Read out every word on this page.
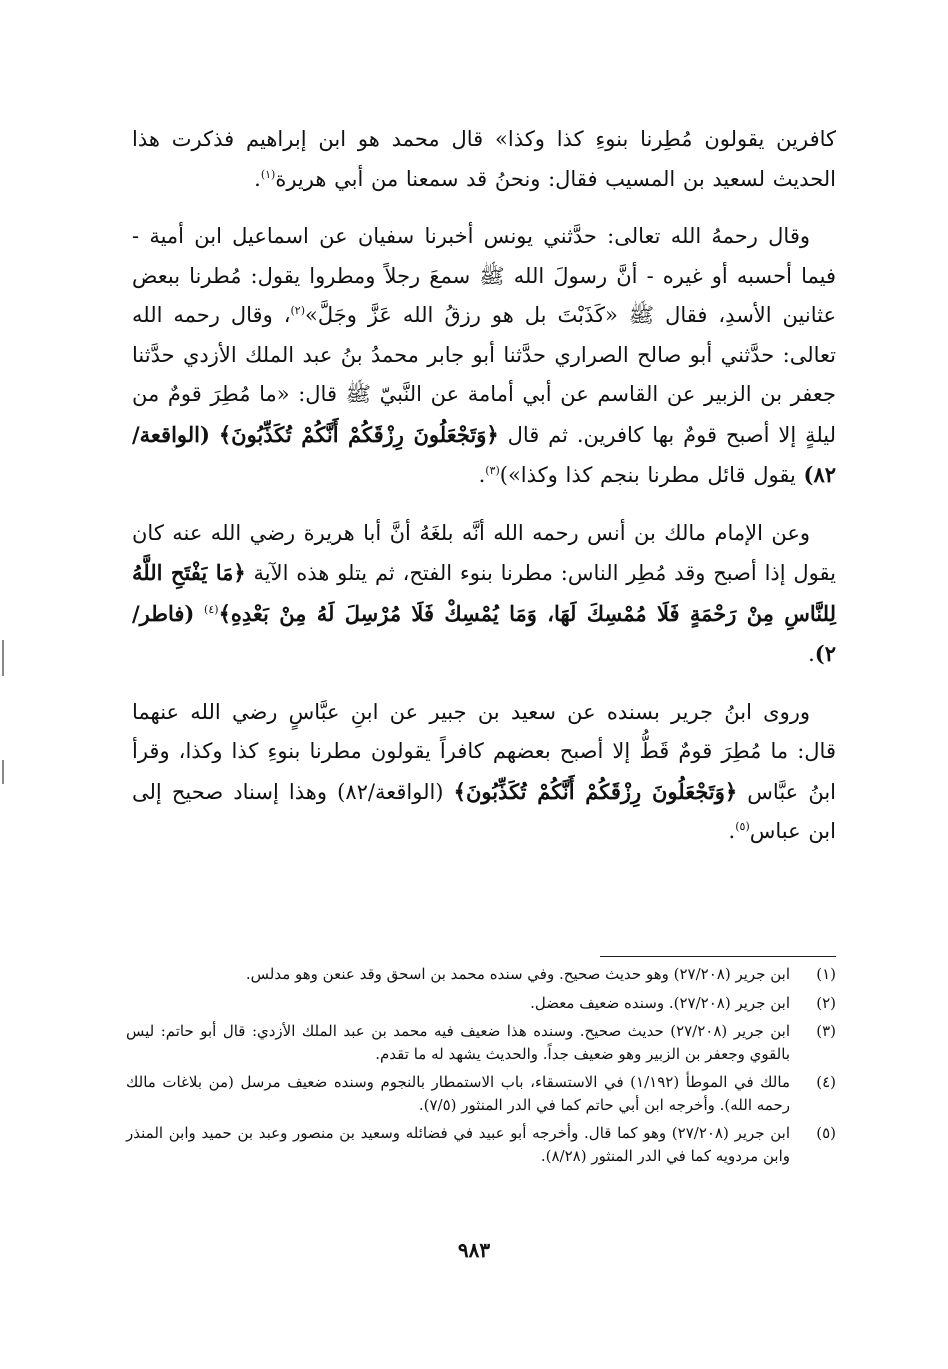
كافرين يقولون مُطِرنا بنوءِ كذا وكذا» قال محمد هو ابن إبراهيم فذكرت هذا الحديث لسعيد بن المسيب فقال: ونحنُ قد سمعنا من أبي هريرة$^{(١)}$.

وقال رحمهُ الله تعالى: حدَّثني يونس أخبرنا سفيان عن اسماعيل ابن أمية - فيما أحسبه أو غيره - أنَّ رسولَ الله ﷺ سمعَ رجلاً ومطروا يقول: مُطرنا ببعض عثانين الأسدِ، فقال ﷺ «كَذَبْتَ بل هو رزقُ الله عَزَّ وجَلَّ»$^{(٢)}$، وقال رحمه الله تعالى: حدَّثني أبو صالح الصراري حدَّثنا أبو جابر محمدُ بنُ عبد الملك الأزدي حدَّثنا جعفر بن الزبير عن القاسم عن أبي أمامة عن النَّبيّ ﷺ قال: «ما مُطِرَ قومٌ من ليلةٍ إلا أصبح قومٌ بها كافرين. ثم قال ﴿وَتَجْعَلُونَ رِزْقَكُمْ أَنَّكُمْ تُكَذِّبُونَ﴾ (الواقعة/٨٢) يقول قائل مطرنا بنجم كذا وكذا»)$^{(٣)}$.

وعن الإمام مالك بن أنس رحمه الله أنَّه بلغَهُ أنَّ أبا هريرة رضي الله عنه كان يقول إذا أصبح وقد مُطِر الناس: مطرنا بنوء الفتح، ثم يتلو هذه الآية ﴿مَا يَفْتَحِ اللَّهُ لِلنَّاسِ مِنْ رَحْمَةٍ فَلَا مُمْسِكَ لَهَا، وَمَا يُمْسِكْ فَلَا مُرْسِلَ لَهُ مِنْ بَعْدِهِ﴾$^{(٤)}$ (فاطر/٢).

وروى ابنُ جرير بسنده عن سعيد بن جبير عن ابنِ عبَّاسٍ رضي الله عنهما قال: ما مُطِرَ قومٌ قَطُّ إلا أصبح بعضهم كافراً يقولون مطرنا بنوءِ كذا وكذا، وقرأ ابنُ عبَّاس ﴿وَتَجْعَلُونَ رِزْقَكُمْ أَنَّكُمْ تُكَذِّبُونَ﴾ (الواقعة/٨٢) وهذا إسناد صحيح إلى ابن عباس$^{(٥)}$.

(١)
ابن جرير (٢٧/٢٠٨) وهو حديث صحيح. وفي سنده محمد بن اسحق وقد عنعن وهو مدلس.
(٢)
ابن جرير (٢٧/٢٠٨). وسنده ضعيف معضل.
(٣)
ابن جرير (٢٧/٢٠٨) حديث صحيح. وسنده هذا ضعيف فيه محمد بن عبد الملك الأزدي: قال أبو حاتم: ليس بالقوي وجعفر بن الزبير وهو ضعيف جداً. والحديث يشهد له ما تقدم.
(٤)
مالك في الموطأ (١/١٩٢) في الاستسقاء، باب الاستمطار بالنجوم وسنده ضعيف مرسل (من بلاغات مالك رحمه الله). وأخرجه ابن أبي حاتم كما في الدر المنثور (٧/٥).
(٥)
ابن جرير (٢٧/٢٠٨) وهو كما قال. وأخرجه أبو عبيد في فضائله وسعيد بن منصور وعبد بن حميد وابن المنذر وابن مردويه كما في الدر المنثور (٨/٢٨).
٩٨٣
